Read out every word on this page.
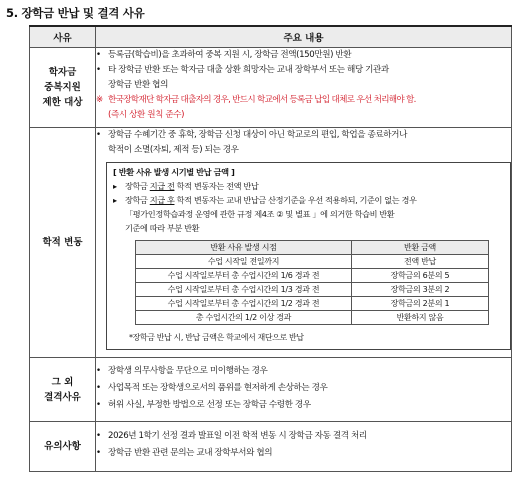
5. 장학금 반납 및 결격 사유
사유	주요 내용

학자금
중복지원
제한 대상

• 등록금(학습비)을 초과하여 중복 지원 시, 장학금 전액(150만원) 반환
• 타 장학금 반환 또는 학자금 대출 상환 희망자는 교내 장학부서 또는 해당 기관과
장학금 반환 협의
※ 한국장학재단 학자금 대출자의 경우, 반드시 학교에서 등록금 납입 대체로 우선 처리해야 함.
(즉시 상환 원칙 준수)

학적 변동	
• 장학금 수혜기간 중 휴학, 장학금 신청 대상이 아닌 학교로의 편입, 학업을 종료하거나
학적이 소멸(자퇴, 제적 등) 되는 경우
[ 반환 사유 발생 시기별 반납 금액 ]
▸	장학금 지급 전 학적 변동자는 전액 반납
▸	장학금 지급 후 학적 변동자는 교내 반납금 산정기준을 우선 적용하되, 기준이 없는 경우
「평가인정학습과정 운영에 관한 규정 제4조 ② 및 별표 」에 의거한 학습비 반환
기준에 따라 부분 반환
반환 사유 발생 시점	반환 금액
수업 시작일 전일까지	전액 반납
수업 시작일로부터 총 수업시간의 1/6 경과 전	장학금의 6분의 5
수업 시작일로부터 총 수업시간의 1/3 경과 전	장학금의 3분의 2
수업 시작일로부터 총 수업시간의 1/2 경과 전	장학금의 2분의 1
총 수업시간의 1/2 이상 경과	반환하지 않음
*장학금 반납 시, 반납 금액은 학교에서 재단으로 반납

그 외
결격사유

• 장학생 의무사항을 무단으로 미이행하는 경우
• 사업목적 또는 장학생으로서의 품위를 현저하게 손상하는 경우
• 허위 사실, 부정한 방법으로 선정 또는 장학금 수령한 경우

유의사항	
• 2026년 1학기 선정 결과 발표일 이전 학적 변동 시 장학금 자동 결격 처리
• 장학금 반환 관련 문의는 교내 장학부서와 협의
